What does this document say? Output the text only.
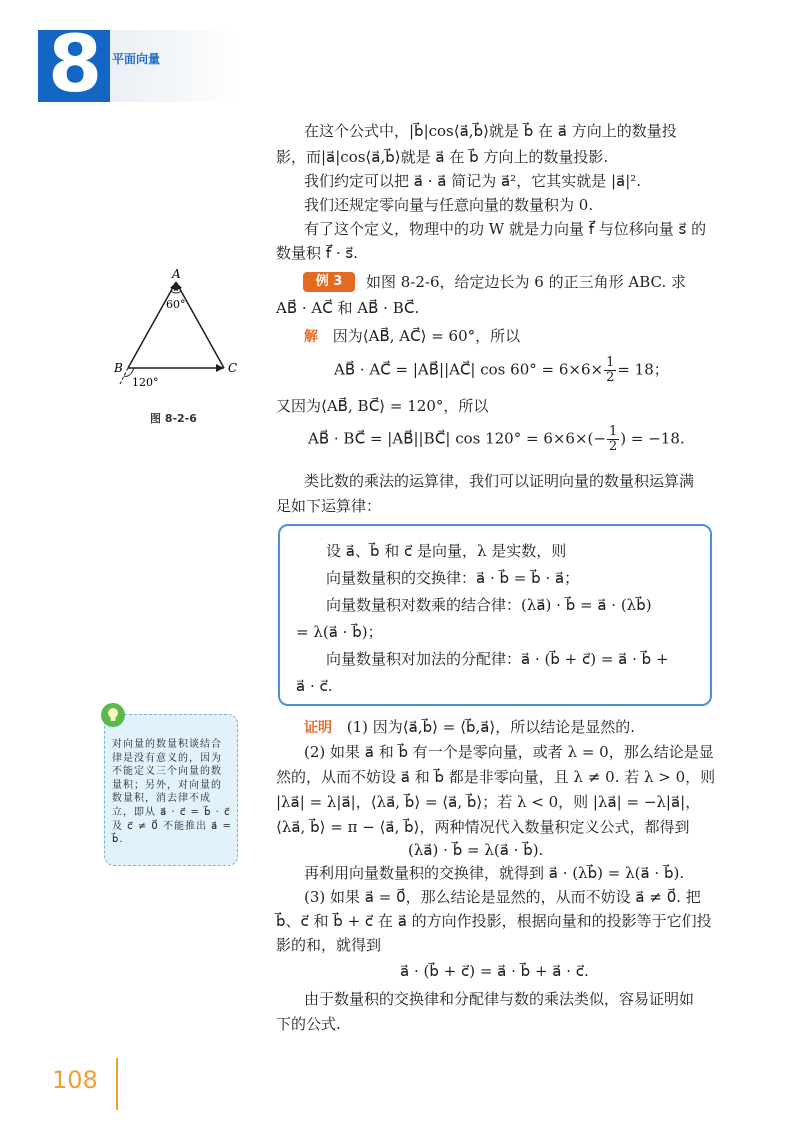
8 平面向量
在这个公式中，|b⃗|cos⟨a⃗,b⃗⟩就是 b⃗ 在 a⃗ 方向上的数量投
影，而|a⃗|cos⟨a⃗,b⃗⟩就是 a⃗ 在 b⃗ 方向上的数量投影.
我们约定可以把 a⃗ · a⃗ 简记为 a⃗²，它其实就是 |a⃗|².
我们还规定零向量与任意向量的数量积为 0.
有了这个定义，物理中的功 W 就是力向量 f⃗ 与位移向量 s⃗ 的
数量积 f⃗ · s⃗.
例 3	如图 8-2-6，给定边长为 6 的正三角形 ABC. 求
AB⃗ · AC⃗ 和 AB⃗ · BC⃗.
解 因为⟨AB⃗, AC⃗⟩ = 60°，所以
AB⃗ · AC⃗ = |AB⃗||AC⃗| $\cos 60^\circ = 6\times 6\times \frac{1}{2} = 18$；
又因为⟨AB⃗, BC⃗⟩ = 120°，所以
AB⃗ · BC⃗ = |AB⃗||BC⃗| $\cos 120^\circ = 6\times 6\times(- \frac{1}{2}$ ) = −18.
类比数的乘法的运算律，我们可以证明向量的数量积运算满
足如下运算律：
设 a⃗、b⃗ 和 c⃗ 是向量，λ 是实数，则
向量数量积的交换律：a⃗ · b⃗ = b⃗ · a⃗；
向量数量积对数乘的结合律：(λa⃗) · b⃗ = a⃗ · (λb⃗)
= λ(a⃗ · b⃗)；
向量数量积对加法的分配律：a⃗ · (b⃗ + c⃗) = a⃗ · b⃗ +
a⃗ · c⃗.
证明 (1) 因为⟨a⃗,b⃗⟩ = ⟨b⃗,a⃗⟩，所以结论是显然的.
(2) 如果 a⃗ 和 b⃗ 有一个是零向量，或者 λ = 0，那么结论是显
然的，从而不妨设 a⃗ 和 b⃗ 都是非零向量，且 λ ≠ 0. 若 λ > 0，则
|λa⃗| = λ|a⃗|，⟨λa⃗, b⃗⟩ = ⟨a⃗, b⃗⟩；若 λ < 0，则 |λa⃗| = −λ|a⃗|，
⟨λa⃗, b⃗⟩ = π − ⟨a⃗, b⃗⟩，两种情况代入数量积定义公式，都得到
(λa⃗) · b⃗ = λ(a⃗ · b⃗).
再利用向量数量积的交换律，就得到 a⃗ · (λb⃗) = λ(a⃗ · b⃗).
(3) 如果 a⃗ = 0⃗，那么结论是显然的，从而不妨设 a⃗ ≠ 0⃗. 把
b⃗、c⃗ 和 b⃗ + c⃗ 在 a⃗ 的方向作投影，根据向量和的投影等于它们投
影的和，就得到
a⃗ · (b⃗ + c⃗) = a⃗ · b⃗ + a⃗ · c⃗.
由于数量积的交换律和分配律与数的乘法类似，容易证明如
下的公式.
对向量的数量积谈结合律是没有意义的，因为不能定义三个向量的数量积；另外，对向量的数量积，消去律不成立，即从 a⃗ · c⃗ = b⃗ · c⃗ 及 c⃗ ≠ 0⃗ 不能推出 a⃗ = b⃗.
A
B	C
60°
120°
图 8-2-6
108
